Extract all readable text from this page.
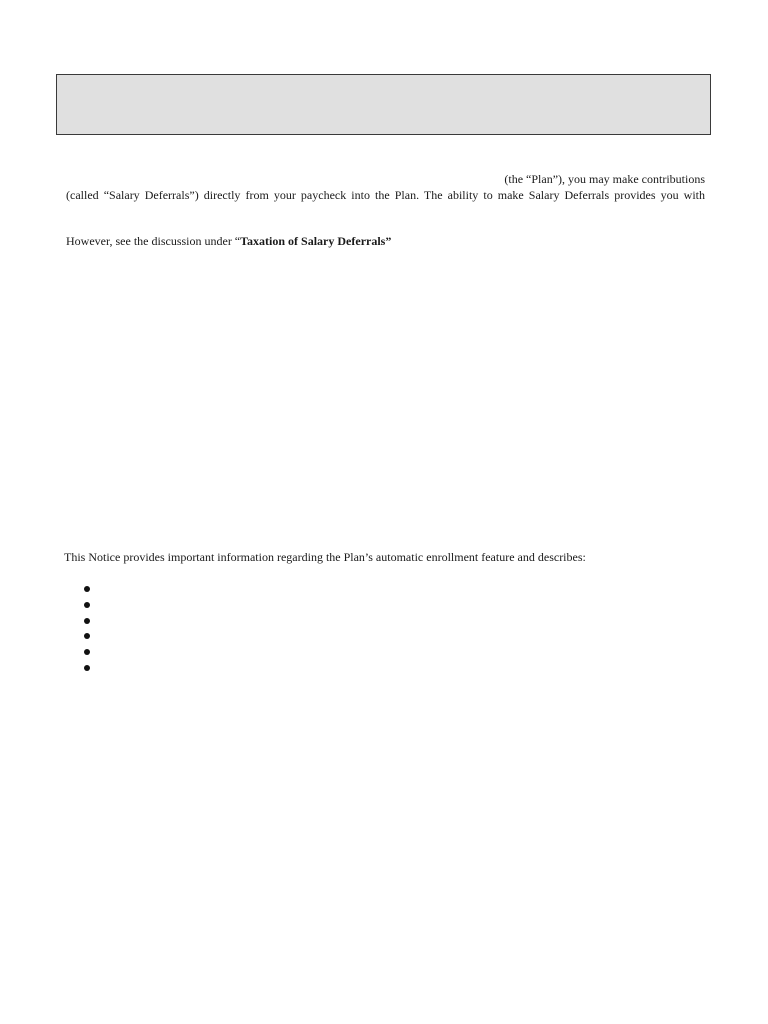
(the “Plan”), you may make contributions
(called “Salary Deferrals”) directly from your paycheck into the Plan. The ability to make Salary Deferrals provides you with
However, see the discussion under “Taxation of Salary Deferrals”
This Notice provides important information regarding the Plan’s automatic enrollment feature and describes:
